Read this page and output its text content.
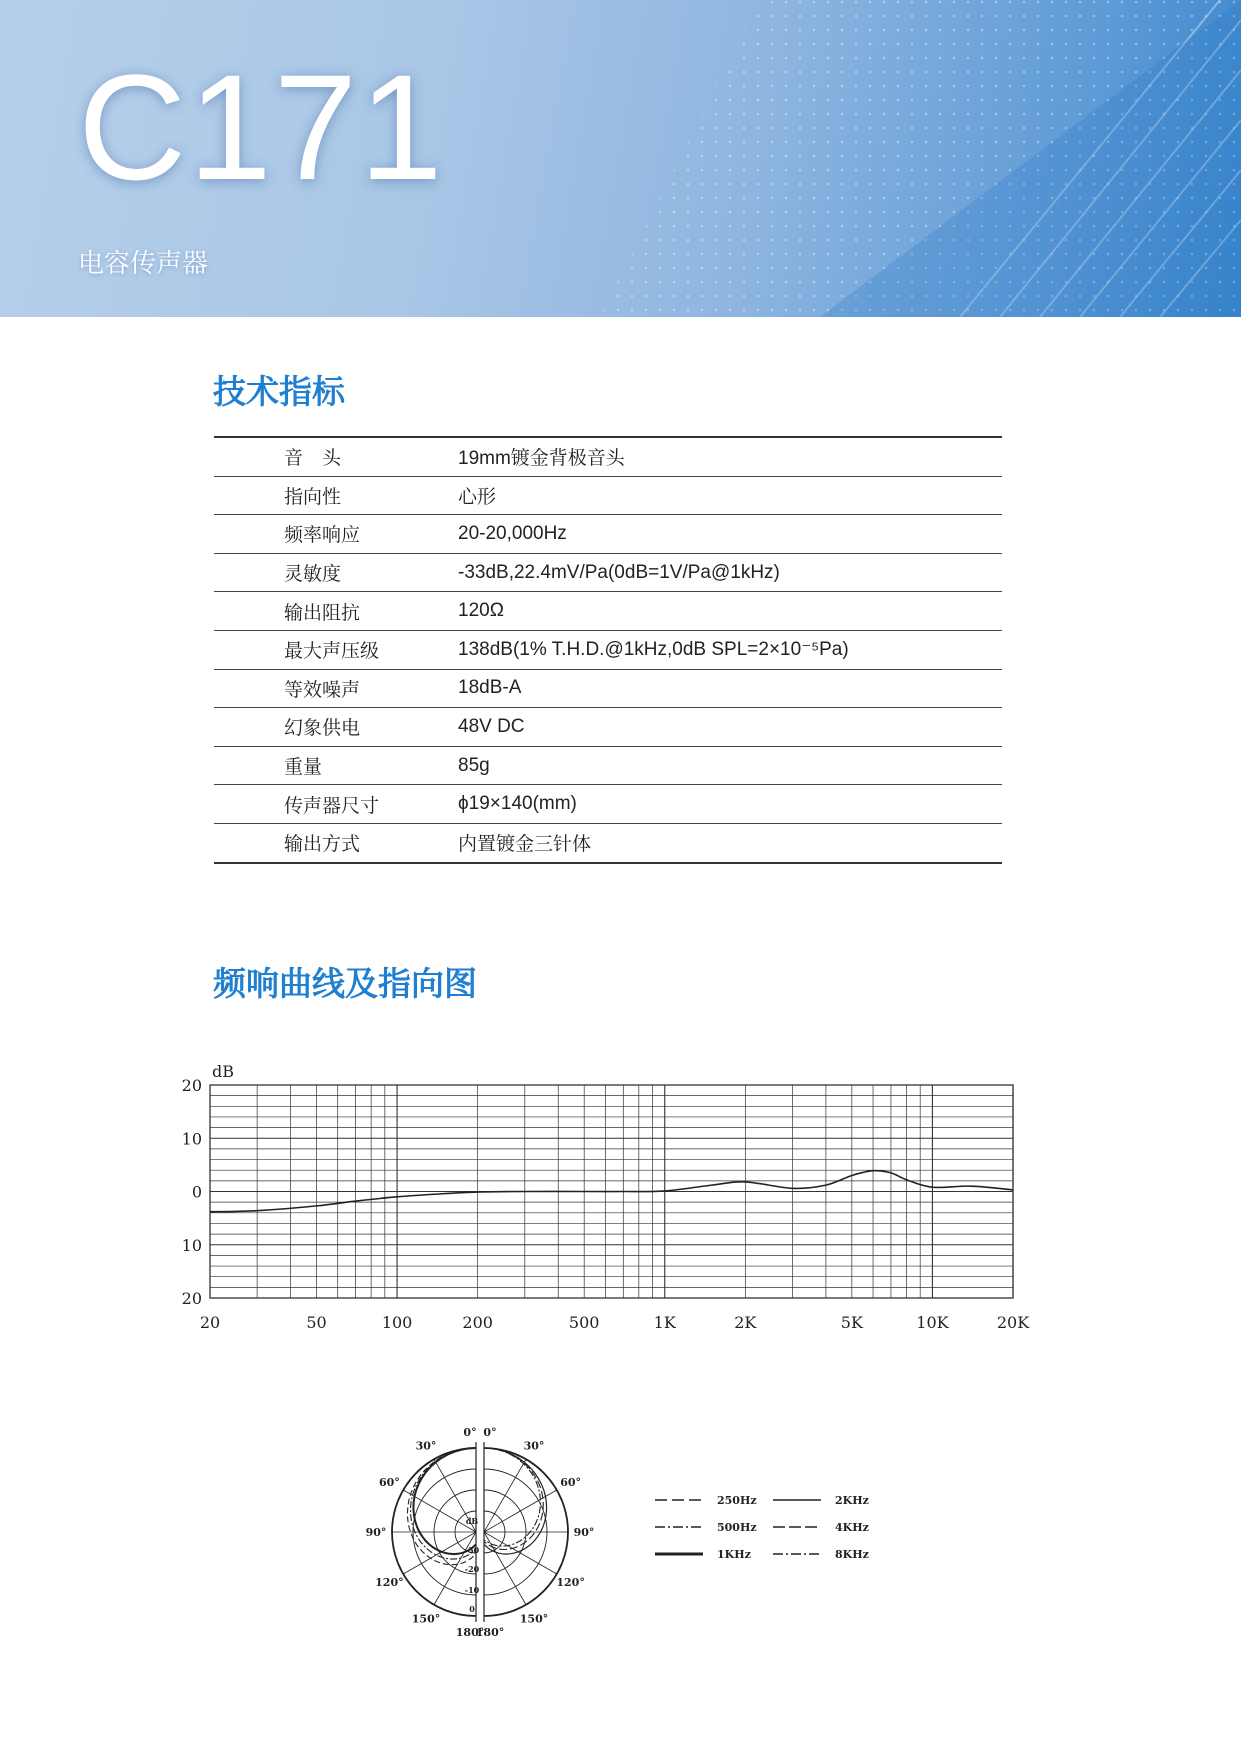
C171
电容传声器
技术指标
音　头	19mm镀金背极音头
指向性	心形
频率响应	20-20,000Hz
灵敏度	-33dB,22.4mV/Pa(0dB=1V/Pa@1kHz)
输出阻抗	120Ω
最大声压级	138dB(1% T.H.D.@1kHz,0dB SPL=2×10⁻⁵Pa)
等效噪声	18dB-A
幻象供电	48V DC
重量	85g
传声器尺寸	ϕ19×140(mm)
输出方式	内置镀金三针体
频响曲线及指向图
20
10
0
10
20
20	50	100	200	500	1K	2K	5K	10K	20K
dB
0° 0°
30°	30°
60°	60°
90°	90°
120°	120°
150°	150°
180°
180°
0
-10
-20
-30
dB
250Hz
500Hz
1KHz
2KHz
4KHz
8KHz
